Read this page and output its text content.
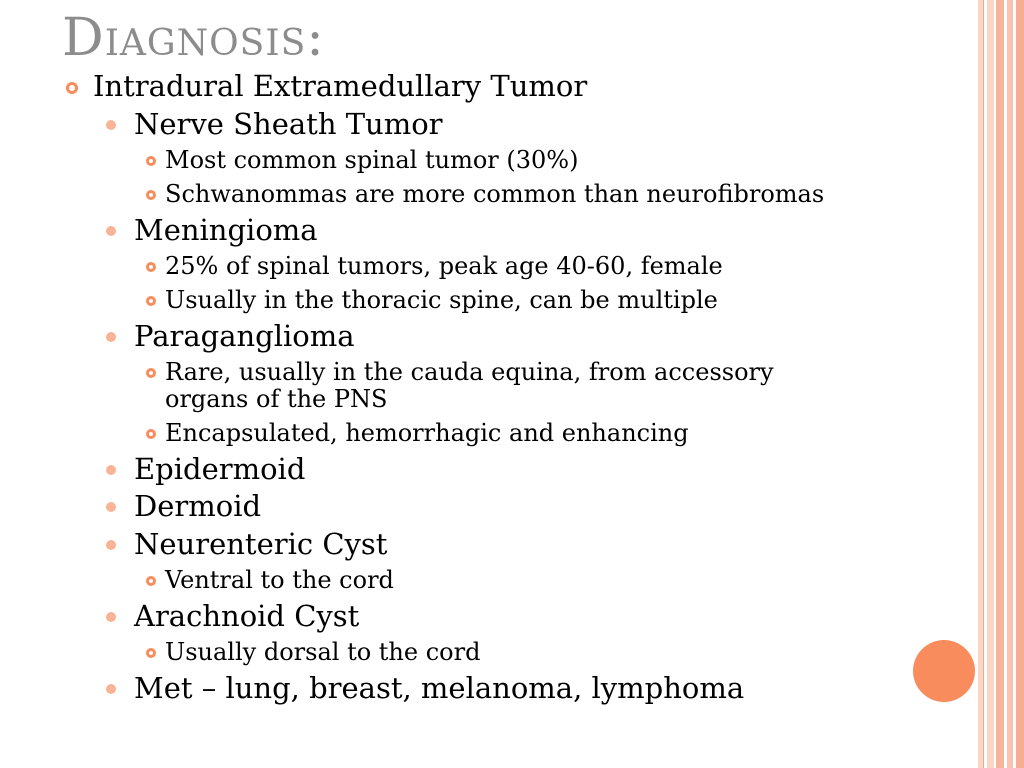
Diagnosis:
Intradural Extramedullary Tumor
Nerve Sheath Tumor
Most common spinal tumor (30%)
Schwanommas are more common than neurofibromas
Meningioma
25% of spinal tumors, peak age 40-60, female
Usually in the thoracic spine, can be multiple
Paraganglioma
Rare, usually in the cauda equina, from accessory
organs of the PNS
Encapsulated, hemorrhagic and enhancing
Epidermoid
Dermoid
Neurenteric Cyst
Ventral to the cord
Arachnoid Cyst
Usually dorsal to the cord
Met – lung, breast, melanoma, lymphoma
